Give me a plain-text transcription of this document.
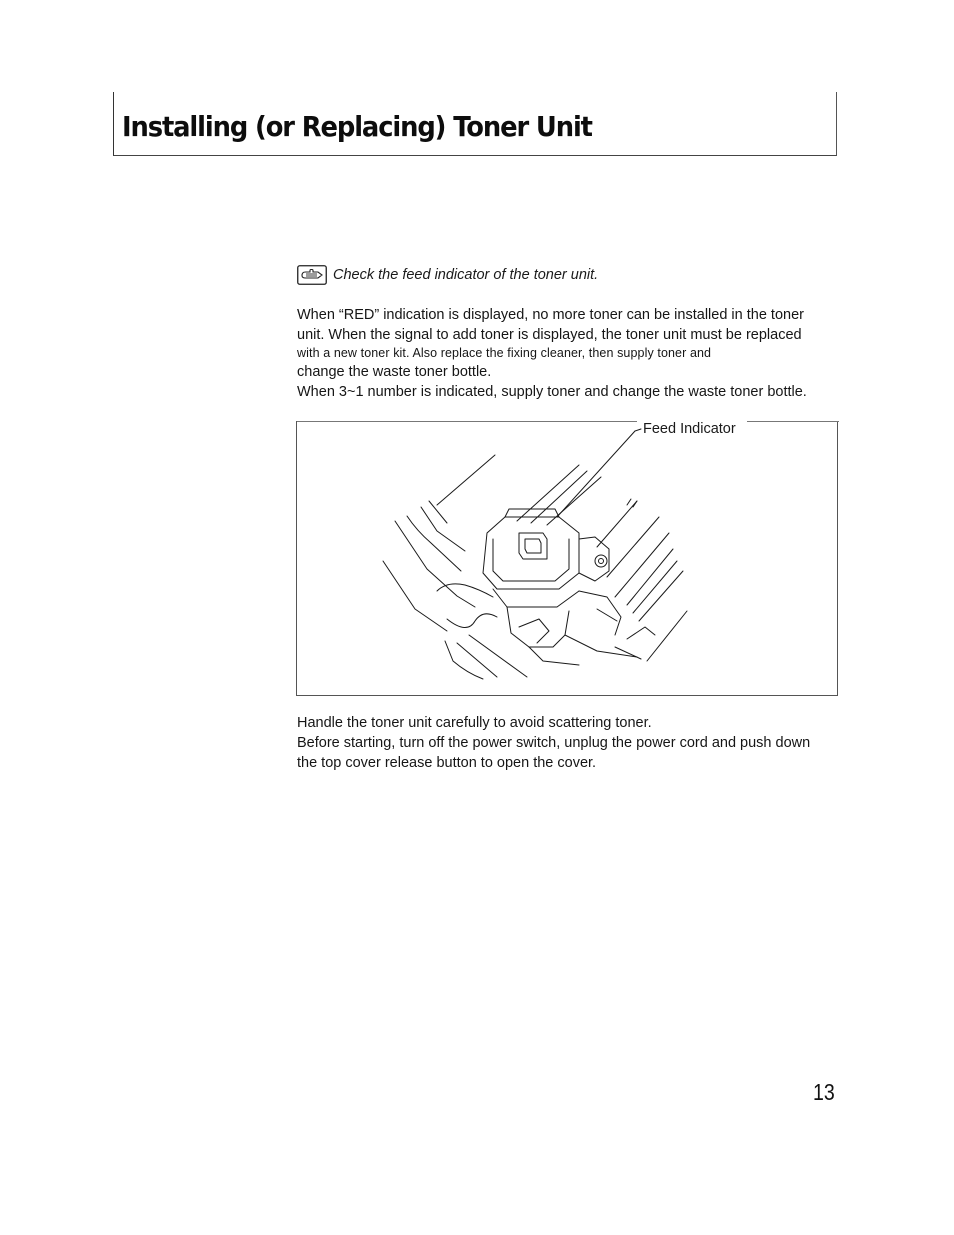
Installing (or Replacing) Toner Unit
Check the feed indicator of the toner unit.
When “RED” indication is displayed, no more toner can be installed in the toner
unit. When the signal to add toner is displayed, the toner unit must be replaced
with a new toner kit. Also replace the fixing cleaner, then supply toner and
change the waste toner bottle.
When 3~1 number is indicated, supply toner and change the waste toner bottle.
Feed Indicator
Handle the toner unit carefully to avoid scattering toner.
Before starting, turn off the power switch, unplug the power cord and push down
the top cover release button to open the cover.
13
